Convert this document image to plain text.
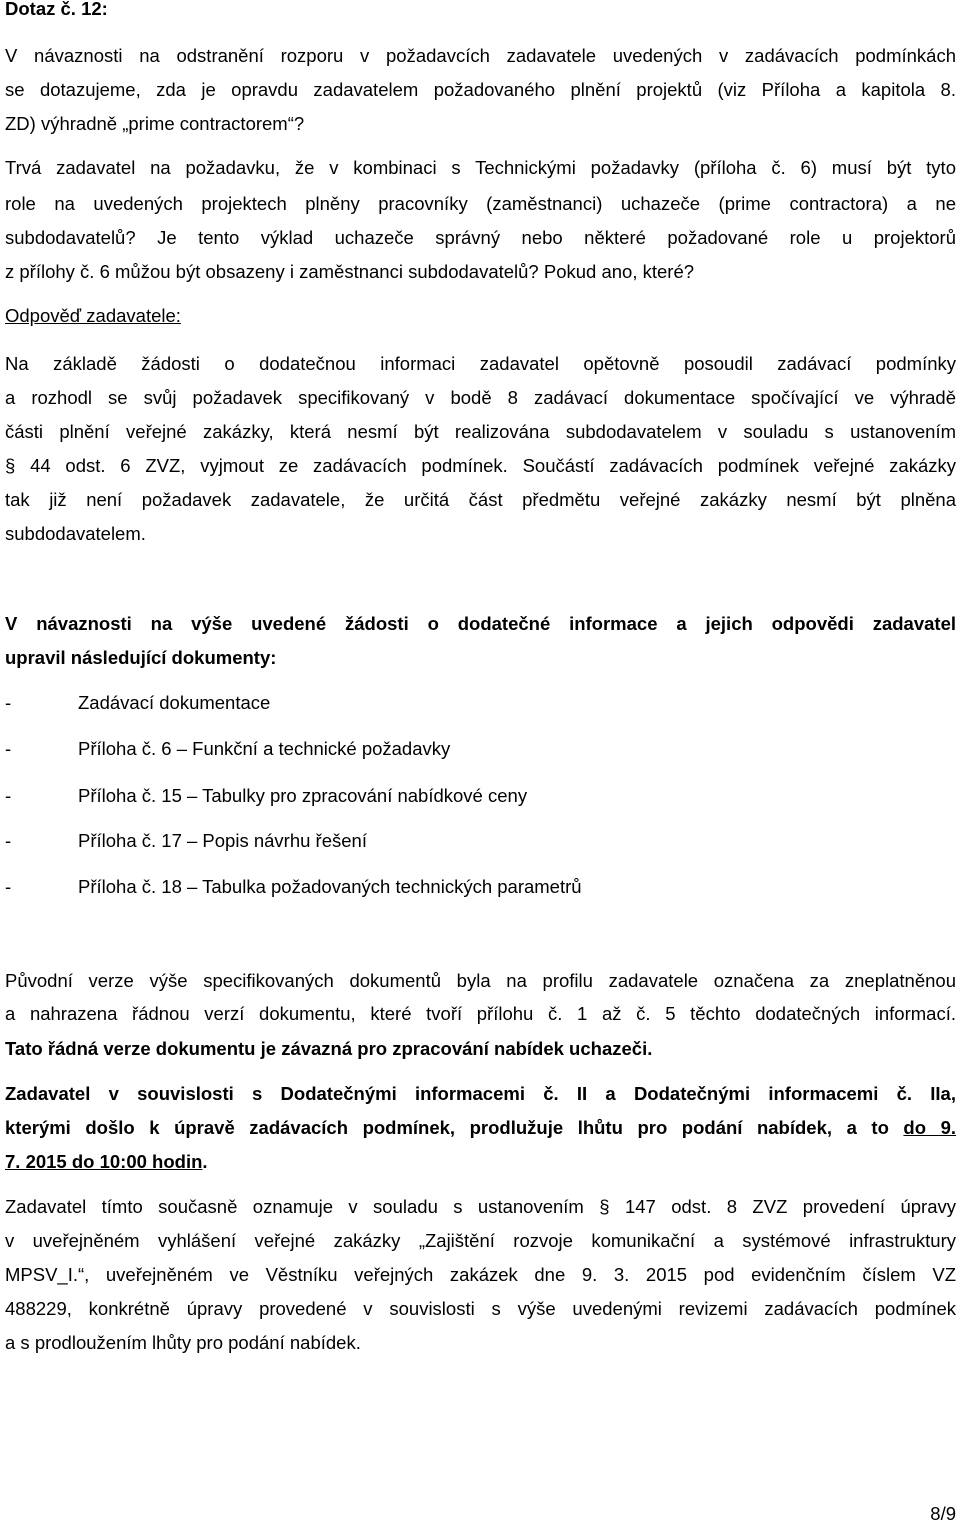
Dotaz č. 12:
V návaznosti na odstranění rozporu v požadavcích zadavatele uvedených v zadávacích podmínkách
se dotazujeme, zda je opravdu zadavatelem požadovaného plnění projektů (viz Příloha a kapitola 8.
ZD) výhradně „prime contractorem“?
Trvá zadavatel na požadavku, že v kombinaci s Technickými požadavky (příloha č. 6) musí být tyto
role na uvedených projektech plněny pracovníky (zaměstnanci) uchazeče (prime contractora) a ne
subdodavatelů? Je tento výklad uchazeče správný nebo některé požadované role u projektorů
z přílohy č. 6 můžou být obsazeny i zaměstnanci subdodavatelů? Pokud ano, které?
Odpověď zadavatele:
Na základě žádosti o dodatečnou informaci zadavatel opětovně posoudil zadávací podmínky
a rozhodl se svůj požadavek specifikovaný v bodě 8 zadávací dokumentace spočívající ve výhradě
části plnění veřejné zakázky, která nesmí být realizována subdodavatelem v souladu s ustanovením
§ 44 odst. 6 ZVZ, vyjmout ze zadávacích podmínek. Součástí zadávacích podmínek veřejné zakázky
tak již není požadavek zadavatele, že určitá část předmětu veřejné zakázky nesmí být plněna
subdodavatelem.
V návaznosti na výše uvedené žádosti o dodatečné informace a jejich odpovědi zadavatel
upravil následující dokumenty:
-	Zadávací dokumentace
-	Příloha č. 6 – Funkční a technické požadavky
-	Příloha č. 15 – Tabulky pro zpracování nabídkové ceny
-	Příloha č. 17 – Popis návrhu řešení
-	Příloha č. 18 – Tabulka požadovaných technických parametrů
Původní verze výše specifikovaných dokumentů byla na profilu zadavatele označena za zneplatněnou
a nahrazena řádnou verzí dokumentu, které tvoří přílohu č. 1 až č. 5 těchto dodatečných informací.
Tato řádná verze dokumentu je závazná pro zpracování nabídek uchazeči.
Zadavatel v souvislosti s Dodatečnými informacemi č. II a Dodatečnými informacemi č. IIa,
kterými došlo k úpravě zadávacích podmínek, prodlužuje lhůtu pro podání nabídek, a to do 9.
7. 2015 do 10:00 hodin.
Zadavatel tímto současně oznamuje v souladu s ustanovením § 147 odst. 8 ZVZ provedení úpravy
v uveřejněném vyhlášení veřejné zakázky „Zajištění rozvoje komunikační a systémové infrastruktury
MPSV_I.“, uveřejněném ve Věstníku veřejných zakázek dne 9. 3. 2015 pod evidenčním číslem VZ
488229, konkrétně úpravy provedené v souvislosti s výše uvedenými revizemi zadávacích podmínek
a s prodloužením lhůty pro podání nabídek.
8/9
